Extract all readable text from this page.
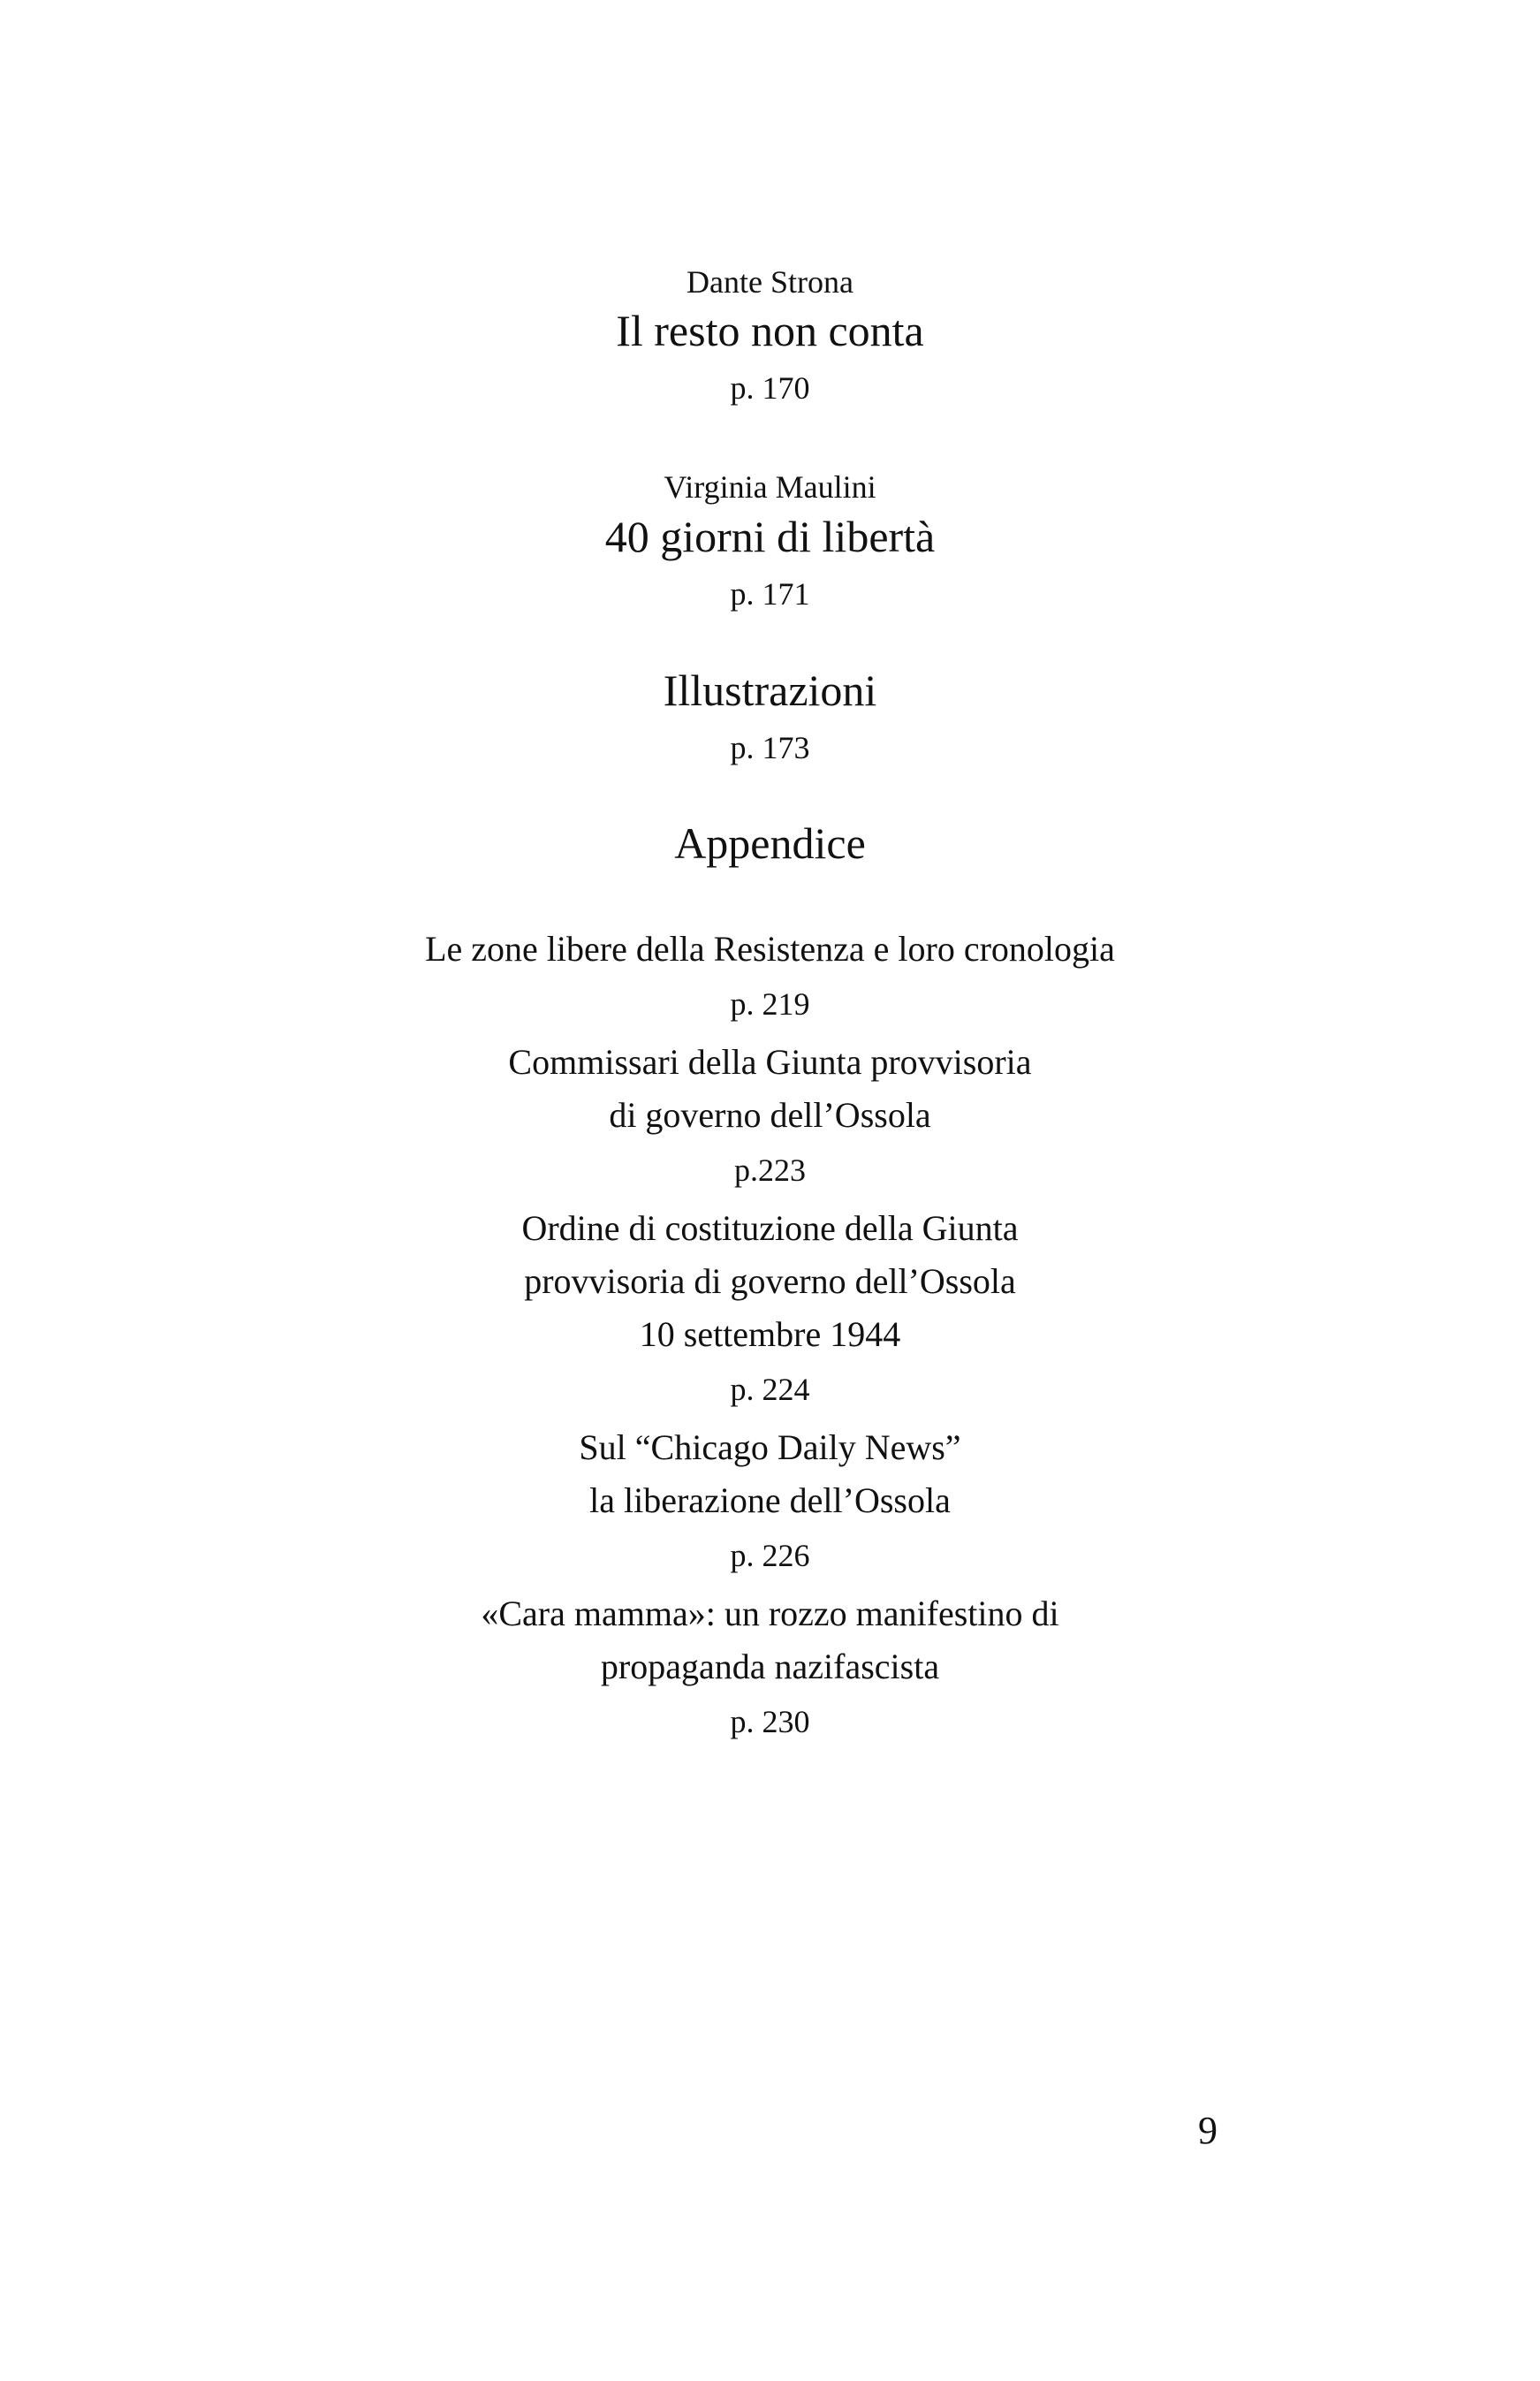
Dante Strona
Il resto non conta
p. 170
Virginia Maulini
40 giorni di libertà
p. 171
Illustrazioni
p. 173
Appendice
Le zone libere della Resistenza e loro cronologia
p. 219
Commissari della Giunta provvisoria
di governo dell’Ossola
p.223
Ordine di costituzione della Giunta
provvisoria di governo dell’Ossola
10 settembre 1944
p. 224
Sul “Chicago Daily News”
la liberazione dell’Ossola
p. 226
«Cara mamma»: un rozzo manifestino di
propaganda nazifascista
p. 230
9
